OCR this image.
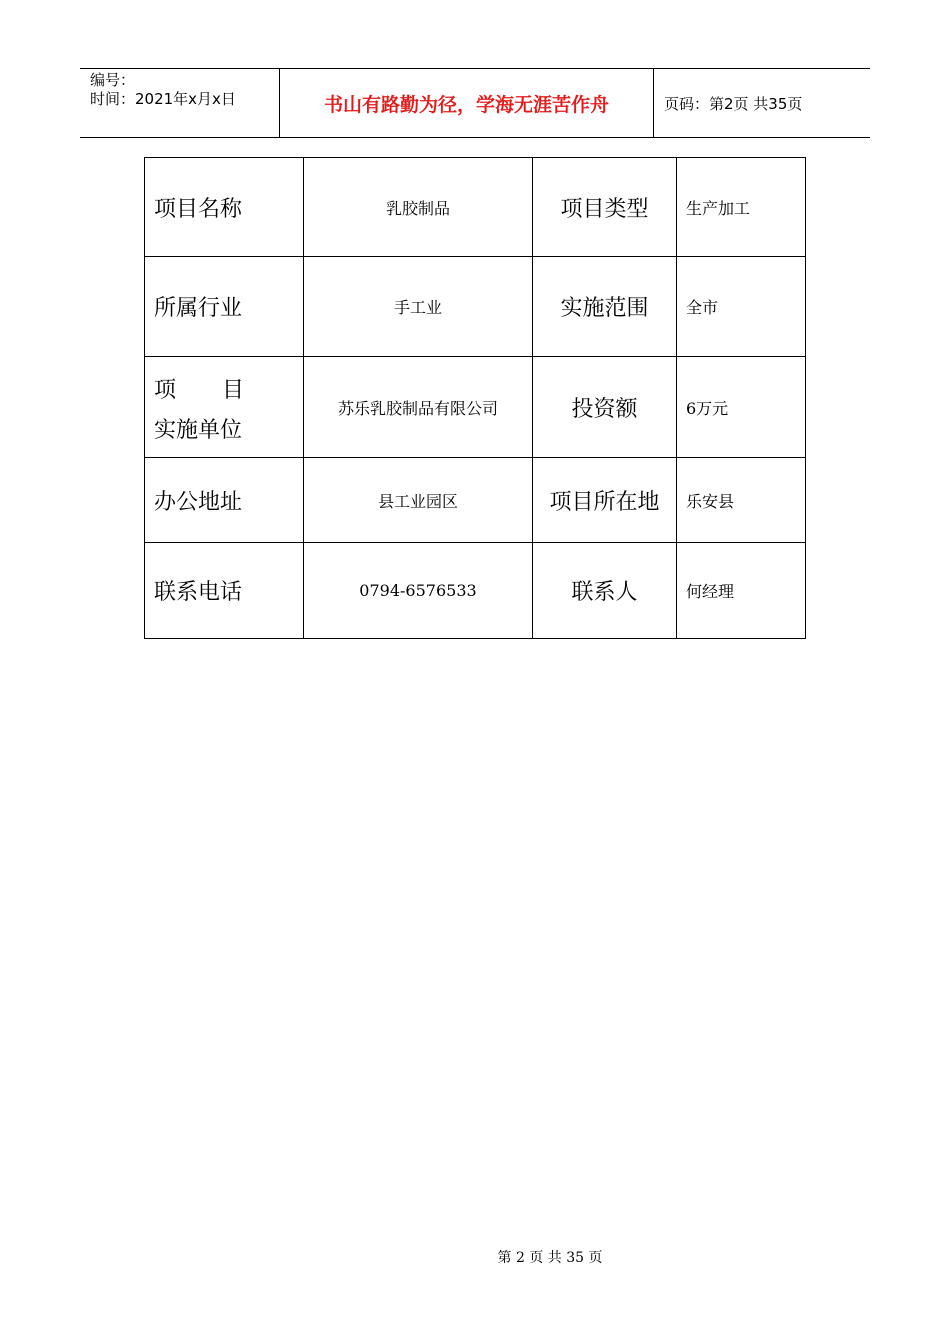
编号：
时间：2021年x月x日	书山有路勤为径，学海无涯苦作舟	页码：第2页 共35页
项目名称	乳胶制品	项目类型	生产加工
所属行业	手工业	实施范围	全市

项 目
实施单位	苏乐乳胶制品有限公司	投资额	6万元
办公地址	县工业园区	项目所在地	乐安县
联系电话	0794-6576533	联系人	何经理
第 2 页 共 35 页
